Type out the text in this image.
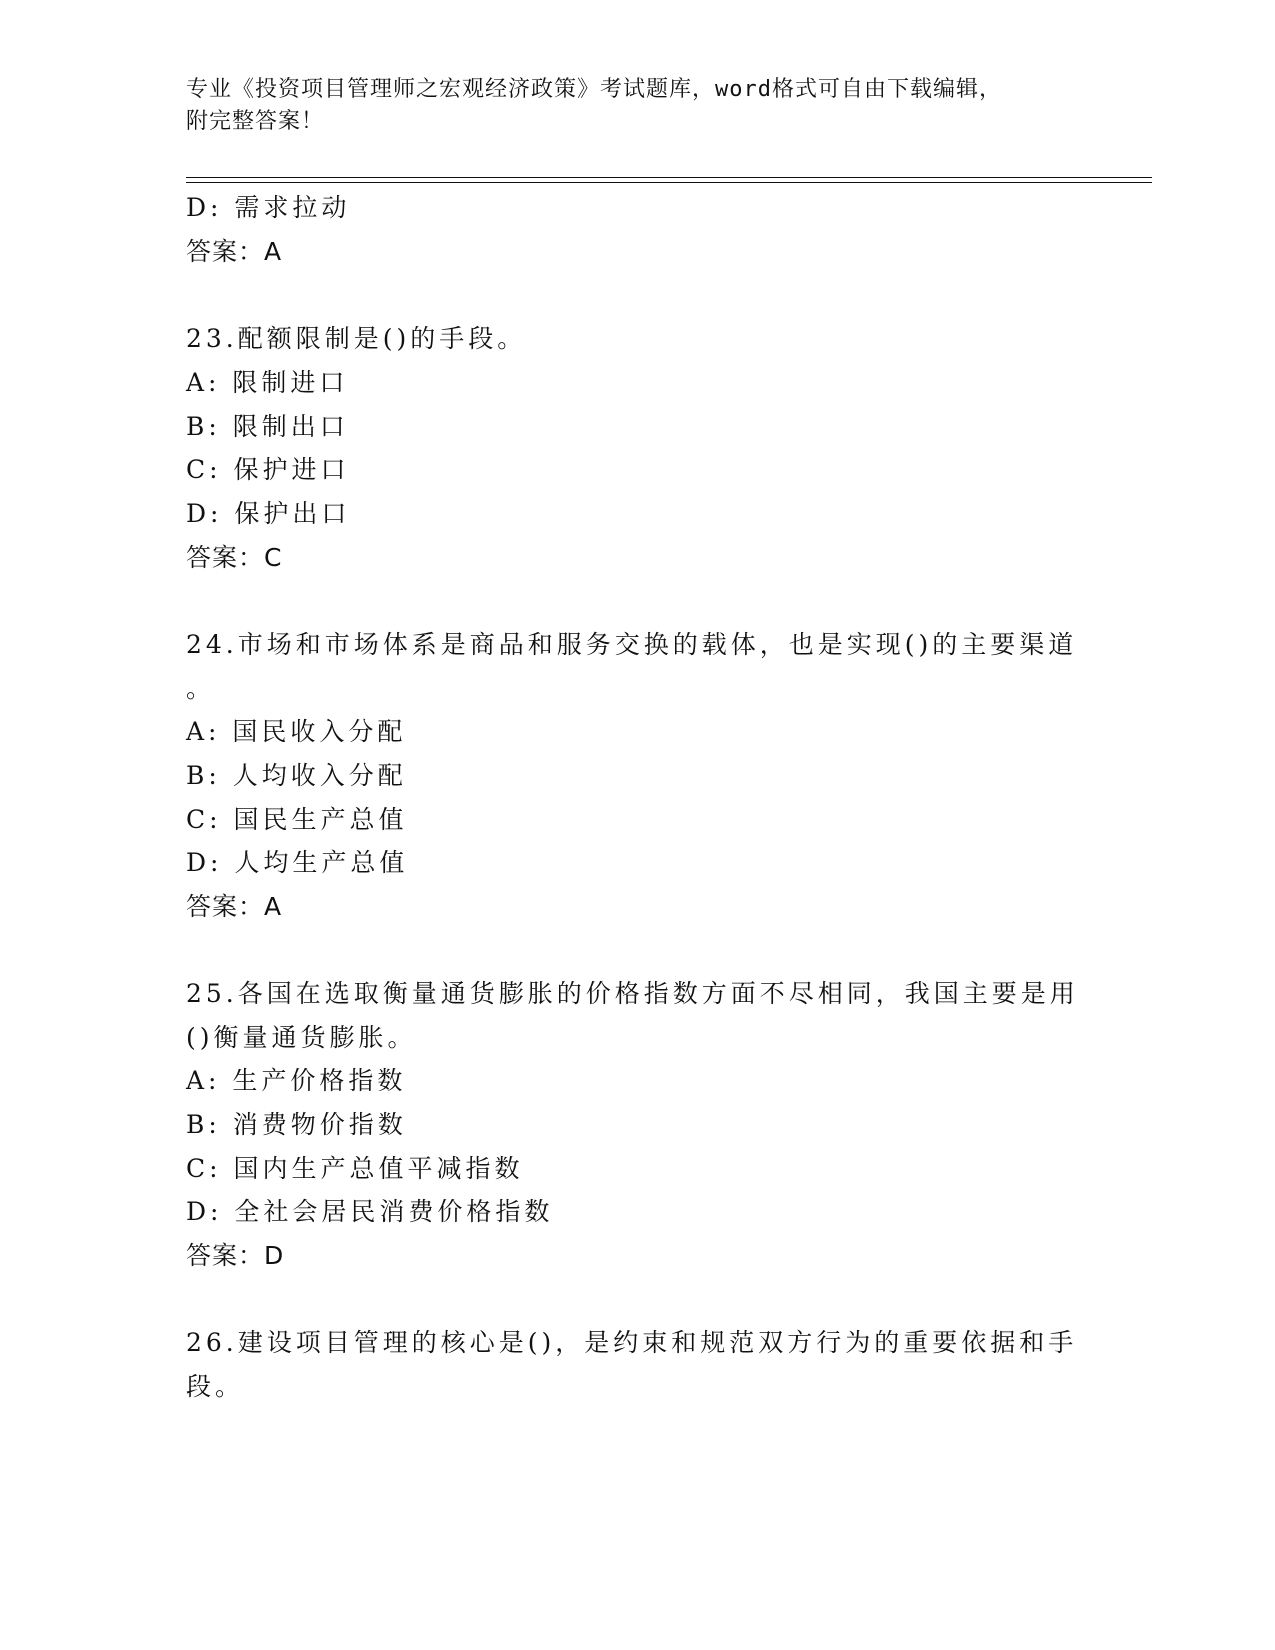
专业《投资项目管理师之宏观经济政策》考试题库，word格式可自由下载编辑，
附完整答案！
D: 需求拉动
答案：A
23.配额限制是()的手段。
A: 限制进口
B: 限制出口
C: 保护进口
D: 保护出口
答案：C
24.市场和市场体系是商品和服务交换的载体，也是实现()的主要渠道
。
A: 国民收入分配
B: 人均收入分配
C: 国民生产总值
D: 人均生产总值
答案：A
25.各国在选取衡量通货膨胀的价格指数方面不尽相同，我国主要是用
()衡量通货膨胀。
A: 生产价格指数
B: 消费物价指数
C: 国内生产总值平减指数
D: 全社会居民消费价格指数
答案：D
26.建设项目管理的核心是()，是约束和规范双方行为的重要依据和手
段。
